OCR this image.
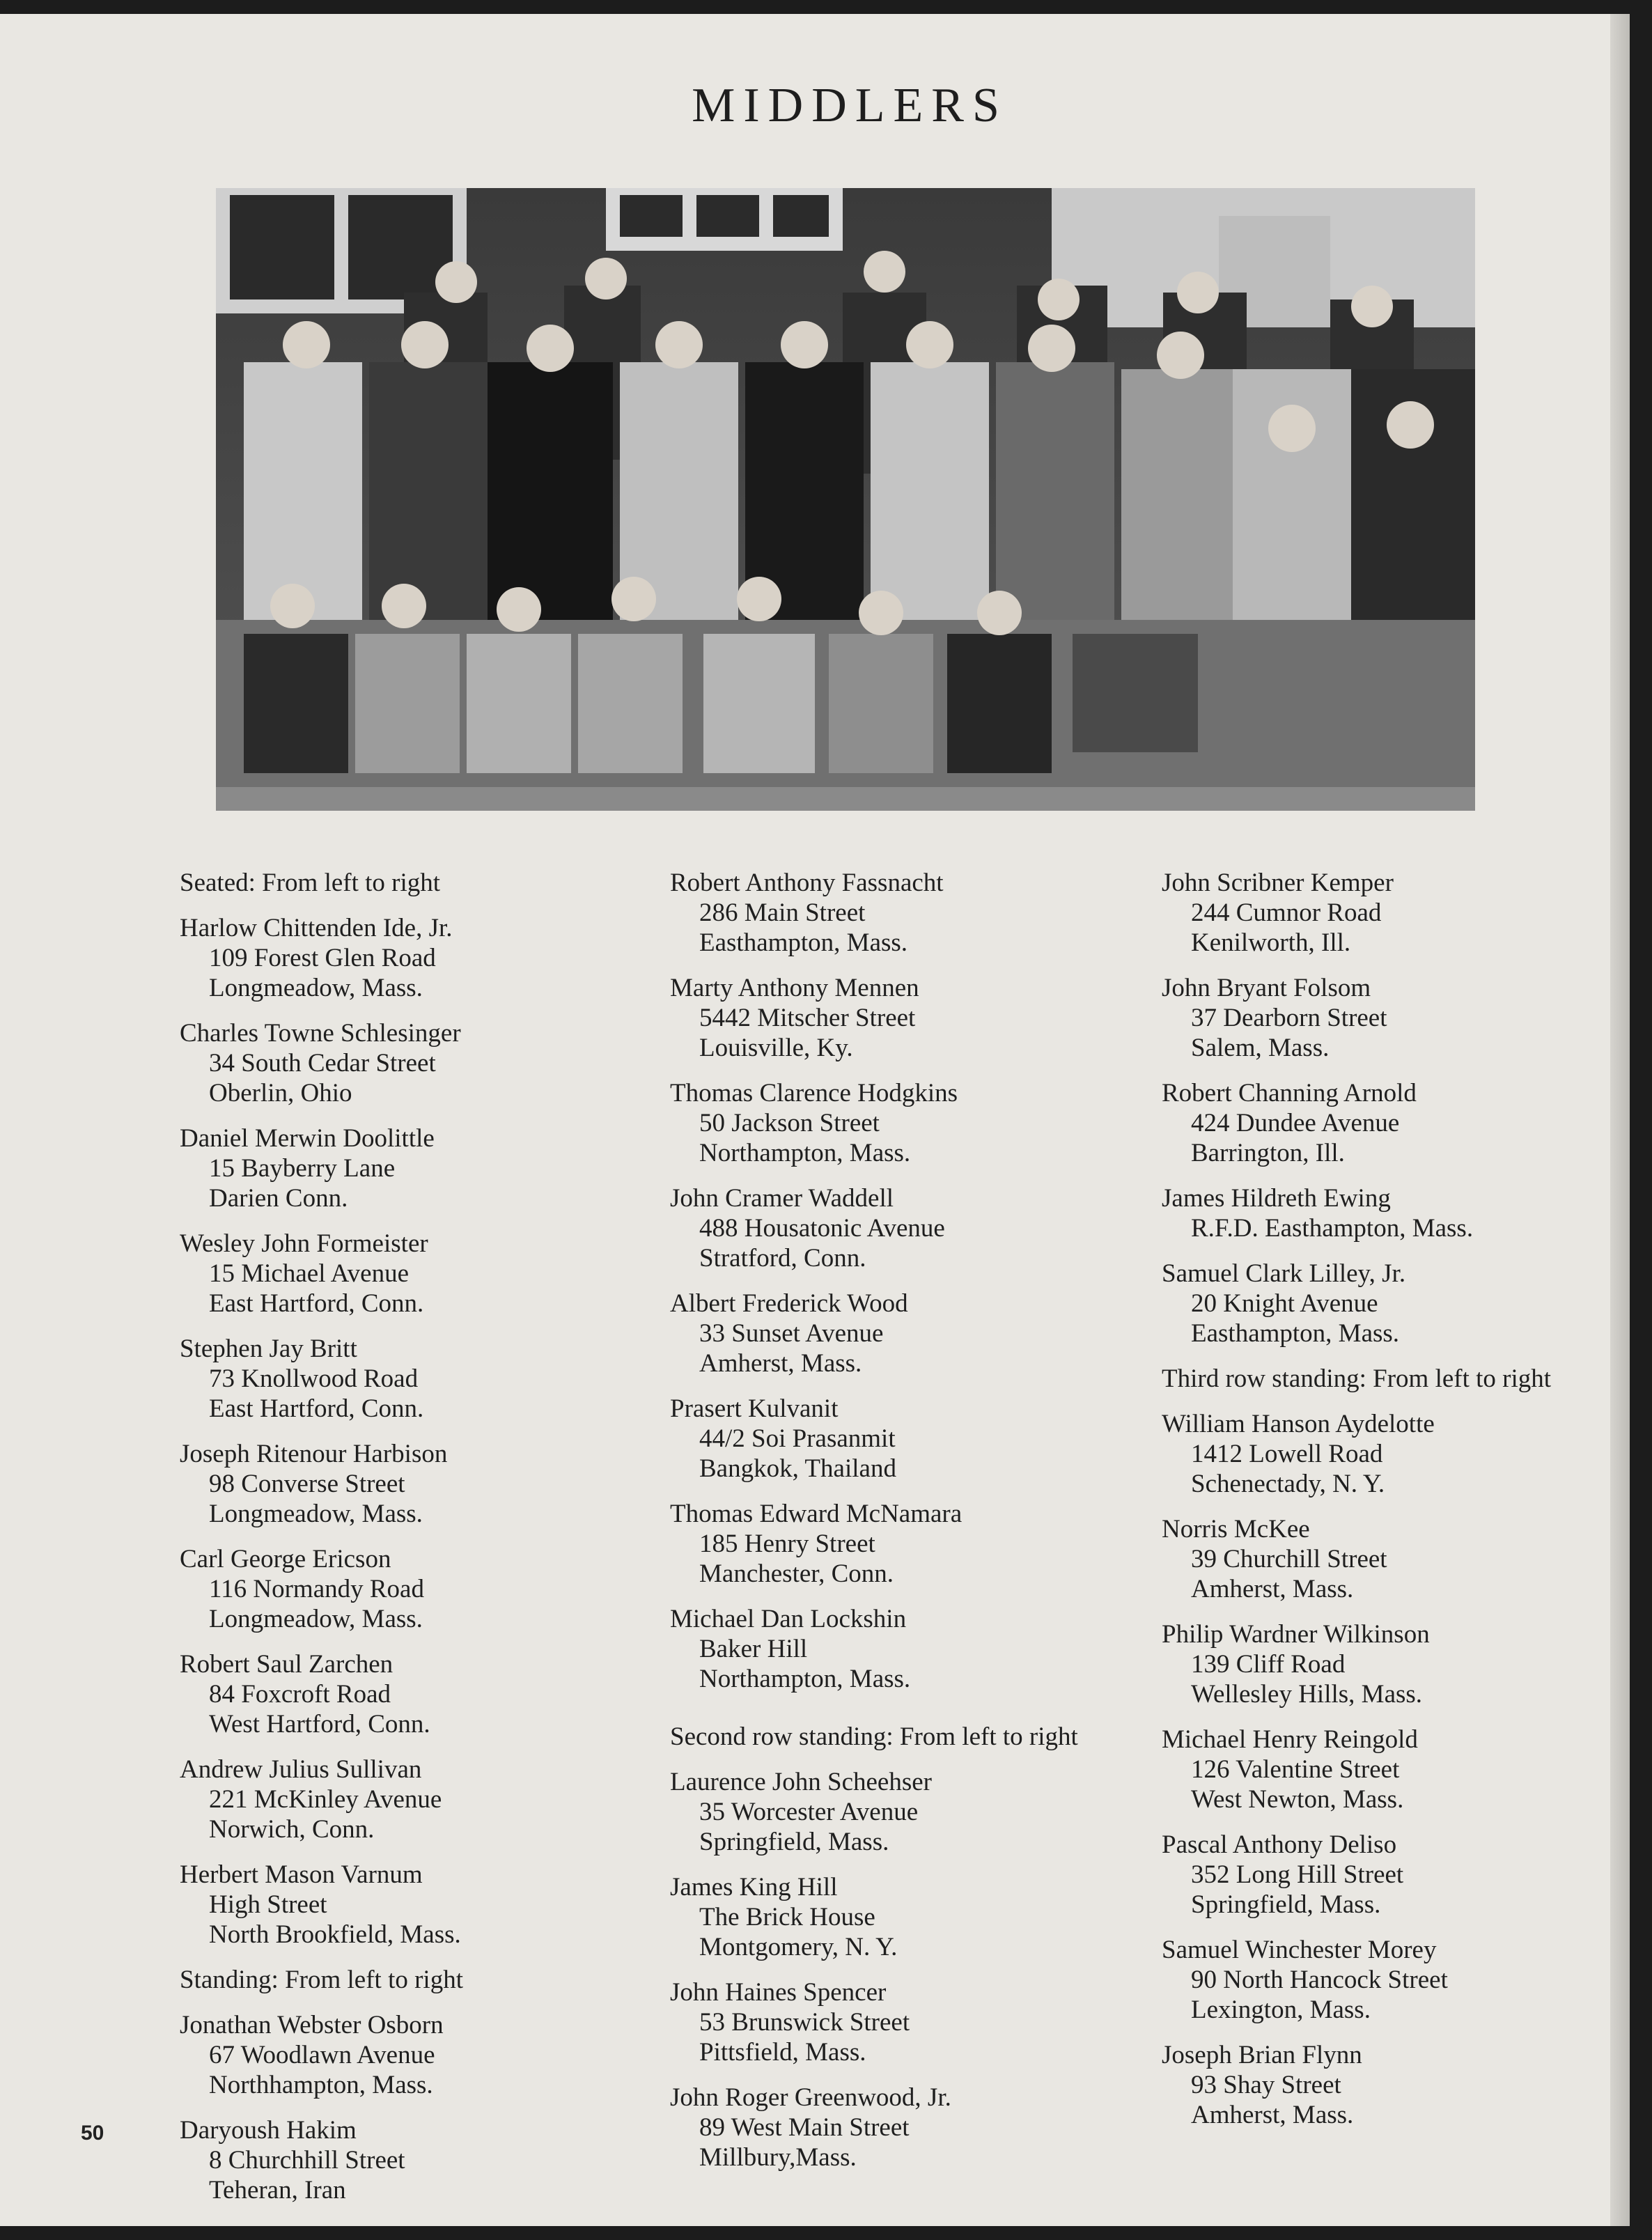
MIDDLERS
Seated: From left to right
Harlow Chittenden Ide, Jr.
109 Forest Glen Road
Longmeadow, Mass.
Charles Towne Schlesinger
34 South Cedar Street
Oberlin, Ohio
Daniel Merwin Doolittle
15 Bayberry Lane
Darien Conn.
Wesley John Formeister
15 Michael Avenue
East Hartford, Conn.
Stephen Jay Britt
73 Knollwood Road
East Hartford, Conn.
Joseph Ritenour Harbison
98 Converse Street
Longmeadow, Mass.
Carl George Ericson
116 Normandy Road
Longmeadow, Mass.
Robert Saul Zarchen
84 Foxcroft Road
West Hartford, Conn.
Andrew Julius Sullivan
221 McKinley Avenue
Norwich, Conn.
Herbert Mason Varnum
High Street
North Brookfield, Mass.
Standing: From left to right
Jonathan Webster Osborn
67 Woodlawn Avenue
Northhampton, Mass.
Daryoush Hakim
8 Churchhill Street
Teheran, Iran
Robert Anthony Fassnacht
286 Main Street
Easthampton, Mass.
Marty Anthony Mennen
5442 Mitscher Street
Louisville, Ky.
Thomas Clarence Hodgkins
50 Jackson Street
Northampton, Mass.
John Cramer Waddell
488 Housatonic Avenue
Stratford, Conn.
Albert Frederick Wood
33 Sunset Avenue
Amherst, Mass.
Prasert Kulvanit
44/2 Soi Prasanmit
Bangkok, Thailand
Thomas Edward McNamara
185 Henry Street
Manchester, Conn.
Michael Dan Lockshin
Baker Hill
Northampton, Mass.
Second row standing: From left to right
Laurence John Scheehser
35 Worcester Avenue
Springfield, Mass.
James King Hill
The Brick House
Montgomery, N. Y.
John Haines Spencer
53 Brunswick Street
Pittsfield, Mass.
John Roger Greenwood, Jr.
89 West Main Street
Millbury,Mass.
John Scribner Kemper
244 Cumnor Road
Kenilworth, Ill.
John Bryant Folsom
37 Dearborn Street
Salem, Mass.
Robert Channing Arnold
424 Dundee Avenue
Barrington, Ill.
James Hildreth Ewing
R.F.D. Easthampton, Mass.
Samuel Clark Lilley, Jr.
20 Knight Avenue
Easthampton, Mass.
Third row standing: From left to right
William Hanson Aydelotte
1412 Lowell Road
Schenectady, N. Y.
Norris McKee
39 Churchill Street
Amherst, Mass.
Philip Wardner Wilkinson
139 Cliff Road
Wellesley Hills, Mass.
Michael Henry Reingold
126 Valentine Street
West Newton, Mass.
Pascal Anthony Deliso
352 Long Hill Street
Springfield, Mass.
Samuel Winchester Morey
90 North Hancock Street
Lexington, Mass.
Joseph Brian Flynn
93 Shay Street
Amherst, Mass.
50
